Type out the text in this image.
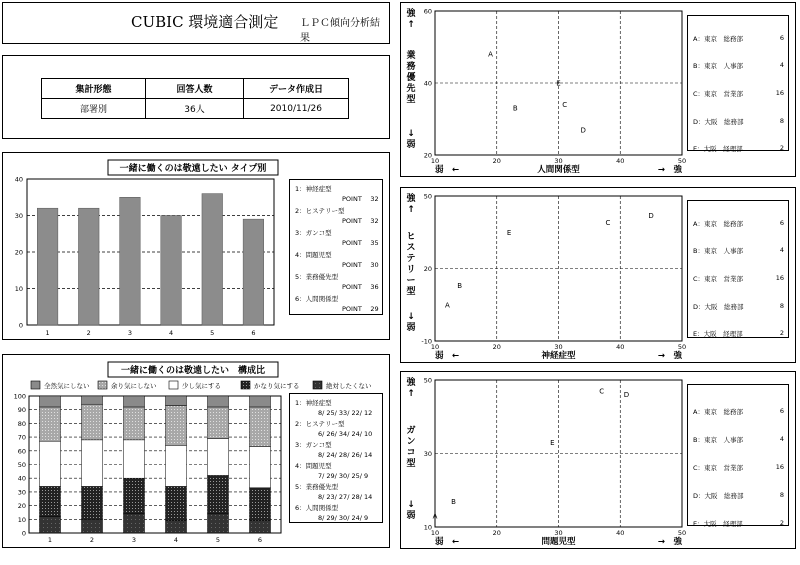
CUBIC 環境適合測定 ＬＰＣ傾向分析結果
集計形態	回答人数	データ作成日
部署別	36人	2010/11/26
一緒に働くのは敬遠したい タイプ別
0
10
20
30
40
1	2	3	4	5	6
1：神経症型
POINT　 32
2：ヒステリー型
POINT　 32
3：ガンコ型
POINT　 35
4：問題児型
POINT　 30
5：業務優先型
POINT　 36
6：人間関係型
POINT　 29
一緒に働くのは敬遠したい　構成比
全然気にしない	余り気にしない	少し気にする	かなり気にする	絶対したくない
0
10
20
30
40
50
60
70
80
90
100
1	2	3	4	5	6
1：神経症型
8/ 25/ 33/ 22/ 12
2：ヒステリー型
6/ 26/ 34/ 24/ 10
3：ガンコ型
8/ 24/ 28/ 26/ 14
4：問題児型
7/ 29/ 30/ 25/ 9
5：業務優先型
8/ 23/ 27/ 28/ 14
6：人間関係型
8/ 29/ 30/ 24/ 9
10	20	30	40	50
20
40
60
A
B	C
D
E
弱　←	人間関係型	→　強
強↑
業務優先型
↓弱
A：東京　総務部	6
B：東京　人事部	4
C：東京　営業部	16
D：大阪　総務部	8
E：大阪　経理部	2
10	20	30	40	50
-10
20
50
A
B
E
C
D
弱　←	神経症型	→　強
強↑
ヒステリー型
↓弱
A：東京　総務部	6
B：東京　人事部	4
C：東京　営業部	16
D：大阪　総務部	8
E：大阪　経理部	2
10	20	30	40	50
10
30
50
A
B
E
C	D
弱　←	問題児型	→　強
強↑
ガンコ型
↓弱
A：東京　総務部	6
B：東京　人事部	4
C：東京　営業部	16
D：大阪　総務部	8
E：大阪　経理部	2
